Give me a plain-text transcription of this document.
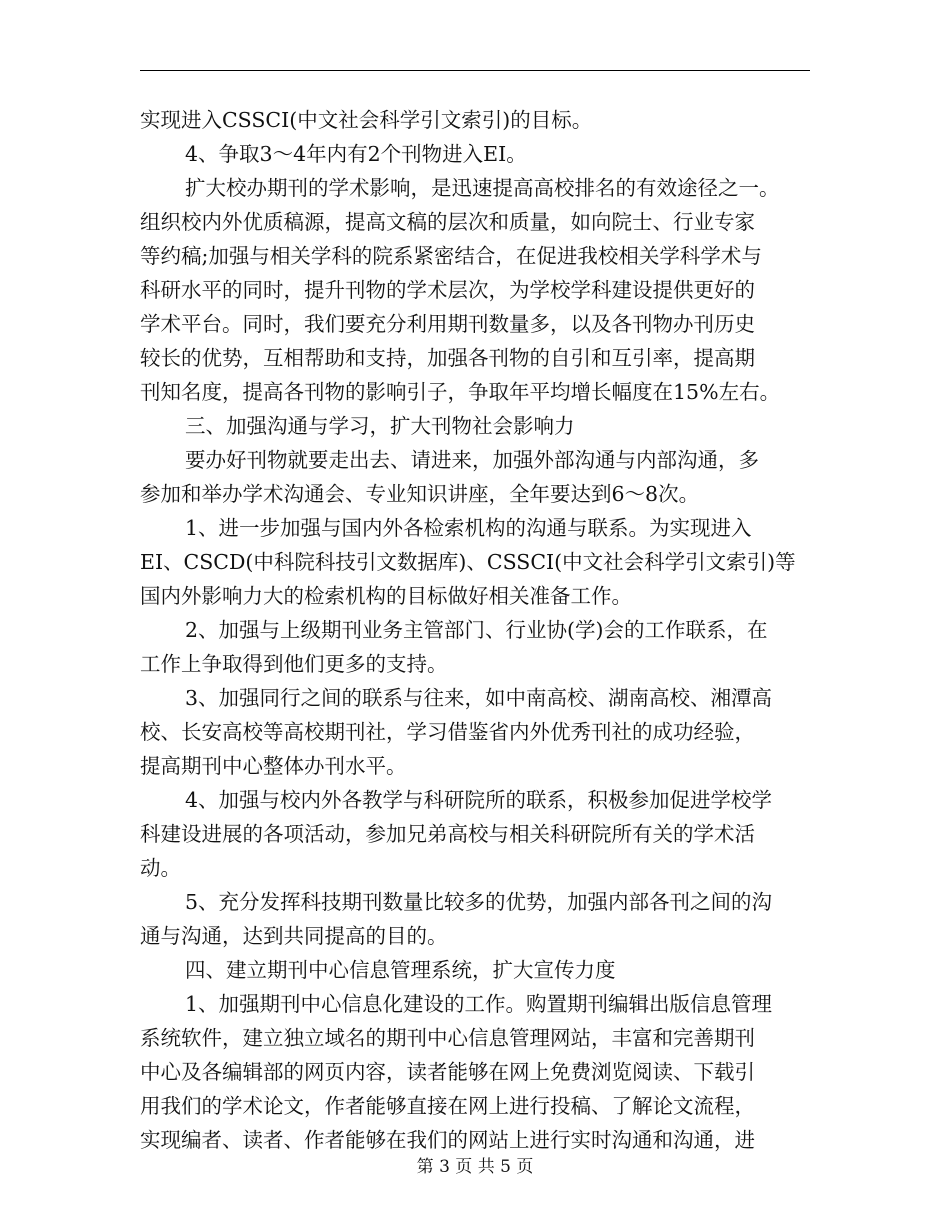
实现进入CSSCI(中文社会科学引文索引)的目标。
4、争取3～4年内有2个刊物进入EI。
扩大校办期刊的学术影响，是迅速提高高校排名的有效途径之一。
组织校内外优质稿源，提高文稿的层次和质量，如向院士、行业专家
等约稿;加强与相关学科的院系紧密结合，在促进我校相关学科学术与
科研水平的同时，提升刊物的学术层次，为学校学科建设提供更好的
学术平台。同时，我们要充分利用期刊数量多，以及各刊物办刊历史
较长的优势，互相帮助和支持，加强各刊物的自引和互引率，提高期
刊知名度，提高各刊物的影响引子，争取年平均增长幅度在15%左右。
三、加强沟通与学习，扩大刊物社会影响力
要办好刊物就要走出去、请进来，加强外部沟通与内部沟通，多
参加和举办学术沟通会、专业知识讲座，全年要达到6～8次。
1、进一步加强与国内外各检索机构的沟通与联系。为实现进入
EI、CSCD(中科院科技引文数据库)、CSSCI(中文社会科学引文索引)等
国内外影响力大的检索机构的目标做好相关准备工作。
2、加强与上级期刊业务主管部门、行业协(学)会的工作联系，在
工作上争取得到他们更多的支持。
3、加强同行之间的联系与往来，如中南高校、湖南高校、湘潭高
校、长安高校等高校期刊社，学习借鉴省内外优秀刊社的成功经验，
提高期刊中心整体办刊水平。
4、加强与校内外各教学与科研院所的联系，积极参加促进学校学
科建设进展的各项活动，参加兄弟高校与相关科研院所有关的学术活
动。
5、充分发挥科技期刊数量比较多的优势，加强内部各刊之间的沟
通与沟通，达到共同提高的目的。
四、建立期刊中心信息管理系统，扩大宣传力度
1、加强期刊中心信息化建设的工作。购置期刊编辑出版信息管理
系统软件，建立独立域名的期刊中心信息管理网站，丰富和完善期刊
中心及各编辑部的网页内容，读者能够在网上免费浏览阅读、下载引
用我们的学术论文，作者能够直接在网上进行投稿、了解论文流程，
实现编者、读者、作者能够在我们的网站上进行实时沟通和沟通，进
第 3 页 共 5 页
